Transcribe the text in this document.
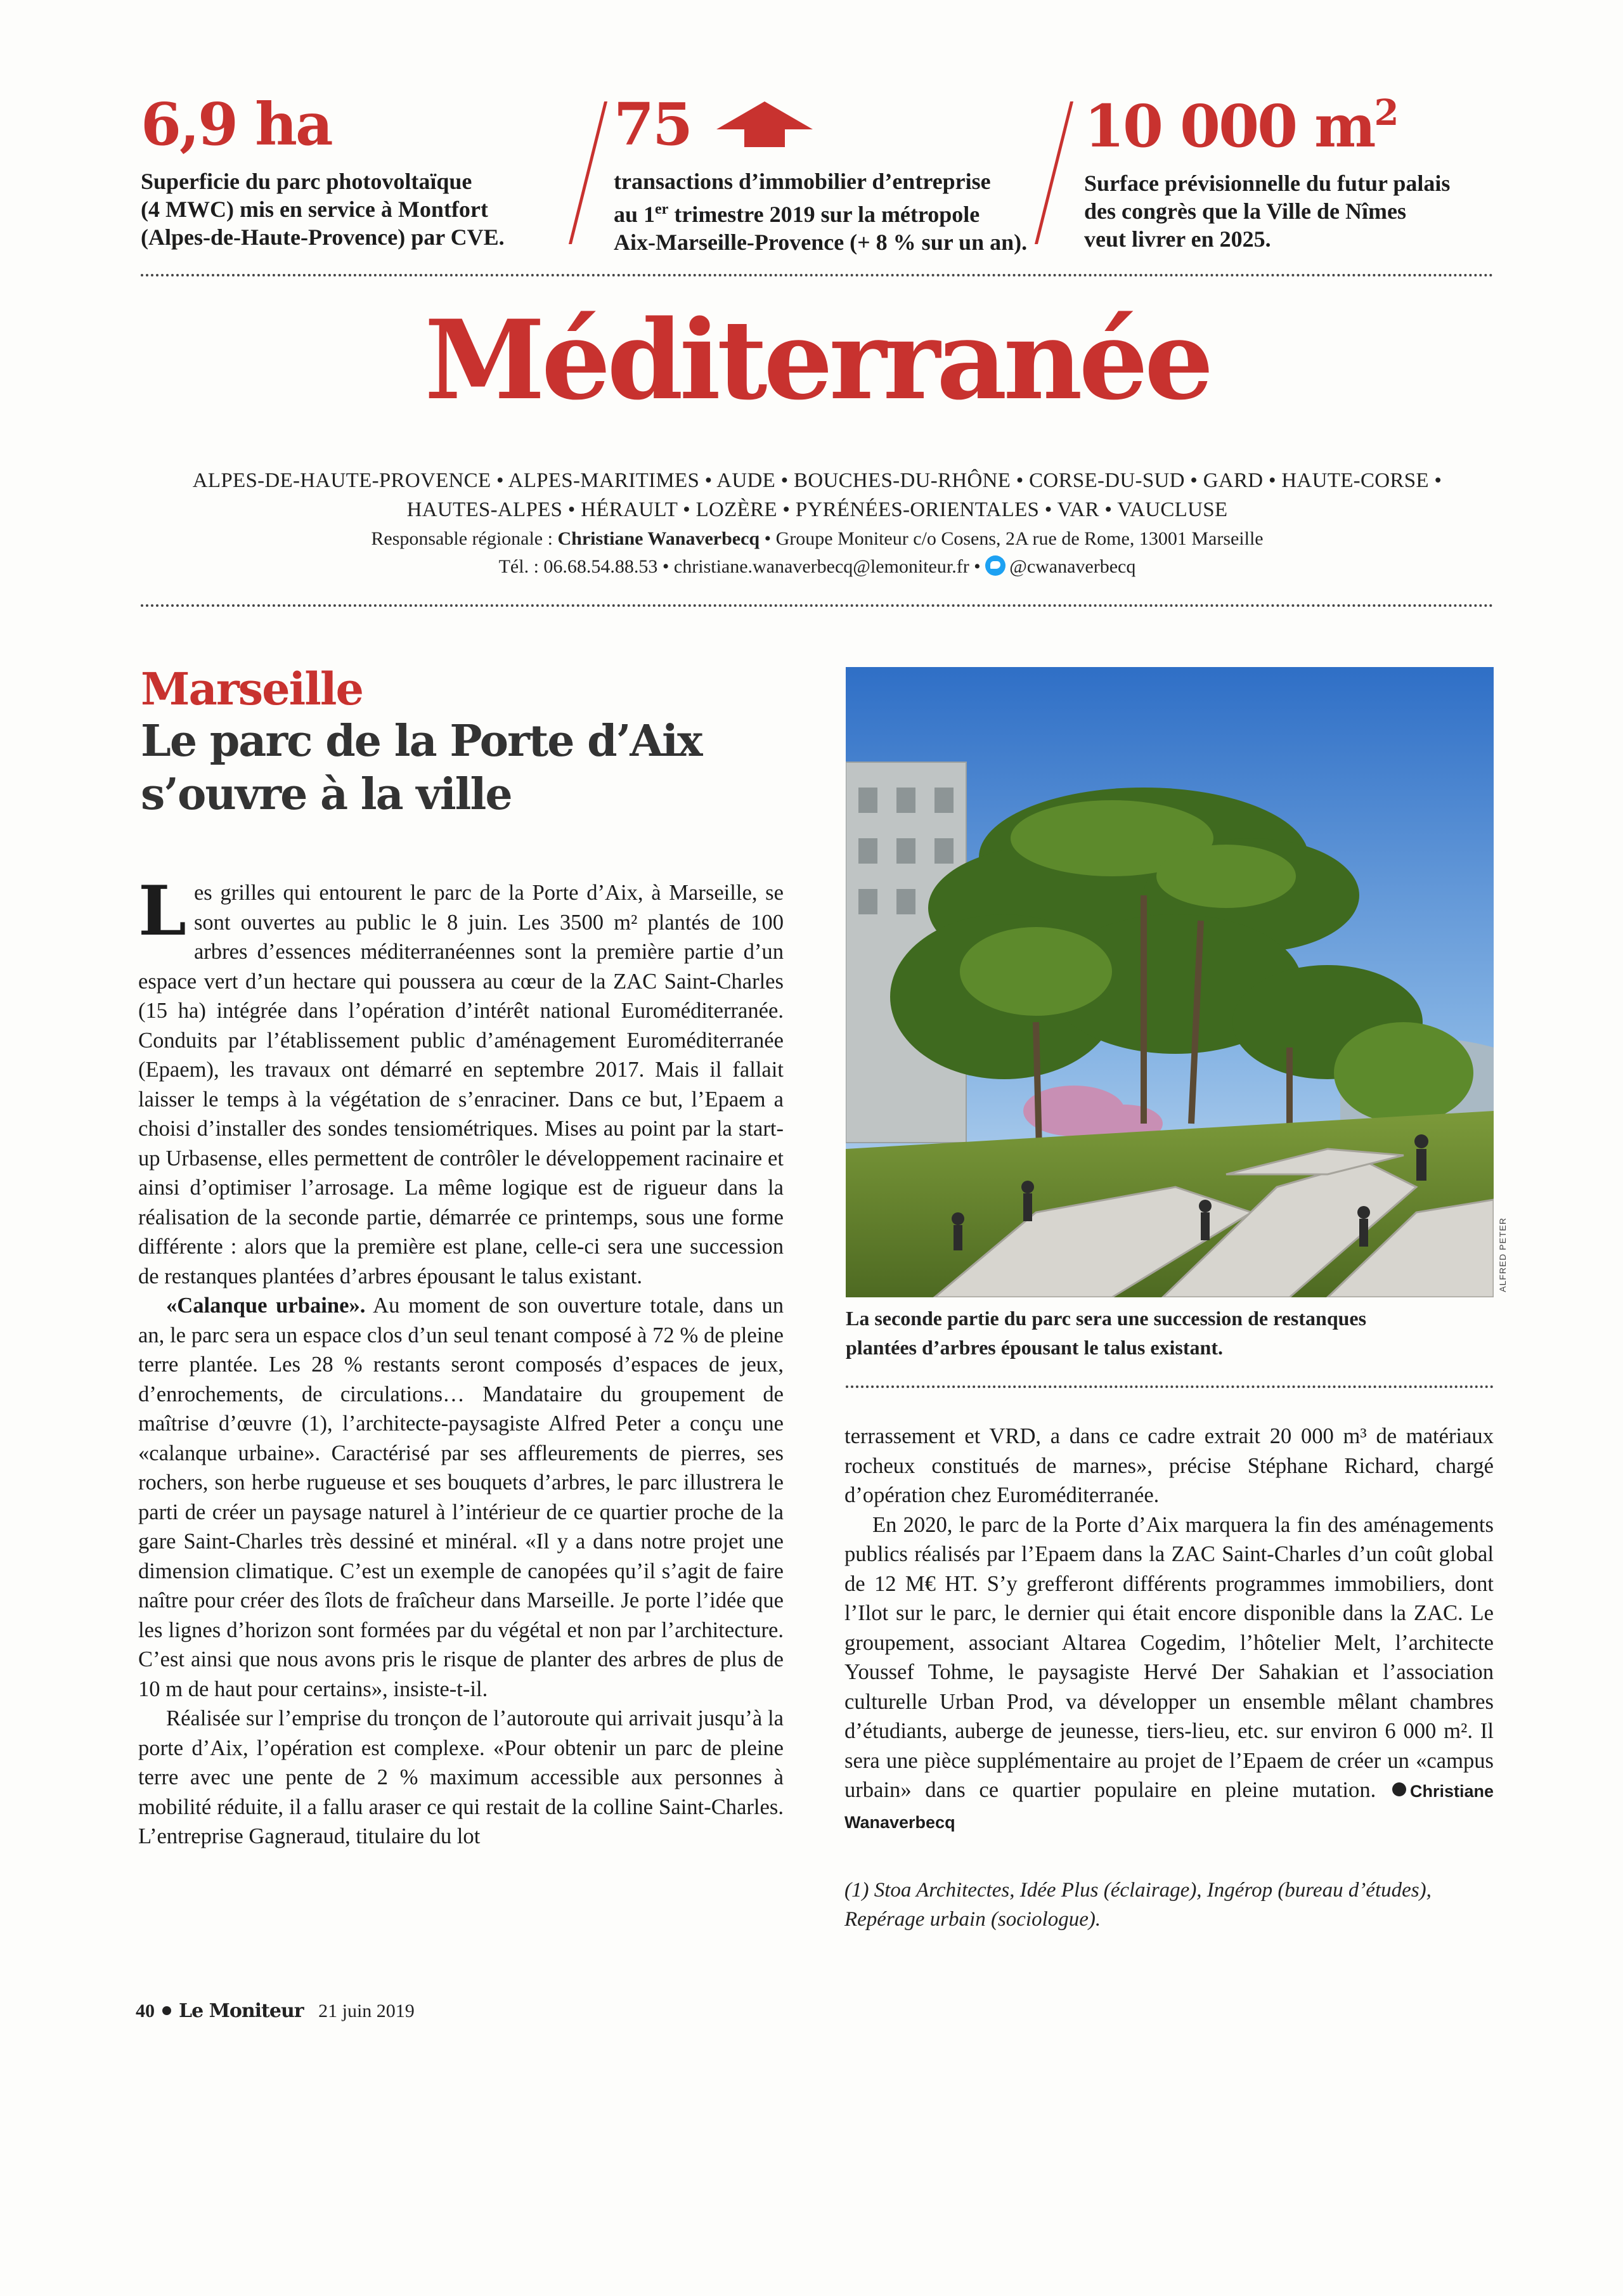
6,9 ha
Superficie du parc photovoltaïque
(4 MWC) mis en service à Montfort
(Alpes-de-Haute-Provence) par CVE.
75
transactions d’immobilier d’entreprise
au 1er trimestre 2019 sur la métropole
Aix-Marseille-Provence (+ 8 % sur un an).
10 000 $m^2$
Surface prévisionnelle du futur palais
des congrès que la Ville de Nîmes
veut livrer en 2025.
Méditerranée
ALPES-DE-HAUTE-PROVENCE • ALPES-MARITIMES • AUDE • BOUCHES-DU-RHÔNE • CORSE-DU-SUD • GARD • HAUTE-CORSE •
HAUTES-ALPES • HÉRAULT • LOZÈRE • PYRÉNÉES-ORIENTALES • VAR • VAUCLUSE
Responsable régionale : Christiane Wanaverbecq • Groupe Moniteur c/o Cosens, 2A rue de Rome, 13001 Marseille
Tél. : 06.68.54.88.53 • christiane.wanaverbecq@lemoniteur.fr • @cwanaverbecq
Marseille
Le parc de la Porte d’Aix
s’ouvre à la ville

Les grilles qui entourent le parc de la Porte d’Aix, à Marseille, se sont ouvertes au public le 8 juin. Les 3500 m² plantés de 100 arbres d’essences méditerranéennes sont la première partie d’un espace vert d’un hectare qui poussera au cœur de la ZAC Saint-Charles (15 ha) intégrée dans l’opération d’intérêt national Euroméditerranée. Conduits par l’établissement public d’aménagement Euroméditerranée (Epaem), les travaux ont démarré en septembre 2017. Mais il fallait laisser le temps à la végétation de s’enraciner. Dans ce but, l’Epaem a choisi d’installer des sondes tensiométriques. Mises au point par la start-up Urbasense, elles permettent de contrôler le développement racinaire et ainsi d’optimiser l’arrosage. La même logique est de rigueur dans la réalisation de la seconde partie, démarrée ce printemps, sous une forme différente : alors que la première est plane, celle-ci sera une succession de restanques plantées d’arbres épousant le talus existant.

«Calanque urbaine». Au moment de son ouverture totale, dans un an, le parc sera un espace clos d’un seul tenant composé à 72 % de pleine terre plantée. Les 28 % restants seront composés d’espaces de jeux, d’enrochements, de circulations… Mandataire du groupement de maîtrise d’œuvre (1), l’architecte-paysagiste Alfred Peter a conçu une «calanque urbaine». Caractérisé par ses affleurements de pierres, ses rochers, son herbe rugueuse et ses bouquets d’arbres, le parc illustrera le parti de créer un paysage naturel à l’intérieur de ce quartier proche de la gare Saint-Charles très dessiné et minéral. «Il y a dans notre projet une dimension climatique. C’est un exemple de canopées qu’il s’agit de faire naître pour créer des îlots de fraîcheur dans Marseille. Je porte l’idée que les lignes d’horizon sont formées par du végétal et non par l’architecture. C’est ainsi que nous avons pris le risque de planter des arbres de plus de 10 m de haut pour certains», insiste-t-il.

Réalisée sur l’emprise du tronçon de l’autoroute qui arrivait jusqu’à la porte d’Aix, l’opération est complexe. «Pour obtenir un parc de pleine terre avec une pente de 2 % maximum accessible aux personnes à mobilité réduite, il a fallu araser ce qui restait de la colline Saint-Charles. L’entreprise Gagneraud, titulaire du lot

ALFRED PETER
La seconde partie du parc sera une succession de restanques
plantées d’arbres épousant le talus existant.

terrassement et VRD, a dans ce cadre extrait 20 000 m³ de matériaux rocheux constitués de marnes», précise Stéphane Richard, chargé d’opération chez Euroméditerranée.

En 2020, le parc de la Porte d’Aix marquera la fin des aménagements publics réalisés par l’Epaem dans la ZAC Saint-Charles d’un coût global de 12 M€ HT. S’y grefferont différents programmes immobiliers, dont l’Ilot sur le parc, le dernier qui était encore disponible dans la ZAC. Le groupement, associant Altarea Cogedim, l’hôtelier Melt, l’architecte Youssef Tohme, le paysagiste Hervé Der Sahakian et l’association culturelle Urban Prod, va développer un ensemble mêlant chambres d’étudiants, auberge de jeunesse, tiers-lieu, etc. sur environ 6 000 m². Il sera une pièce supplémentaire au projet de l’Epaem de créer un «campus urbain» dans ce quartier populaire en pleine mutation. Christiane Wanaverbecq

(1) Stoa Architectes, Idée Plus (éclairage), Ingérop (bureau d’études),
Repérage urbain (sociologue).
40 Le Moniteur 21 juin 2019
